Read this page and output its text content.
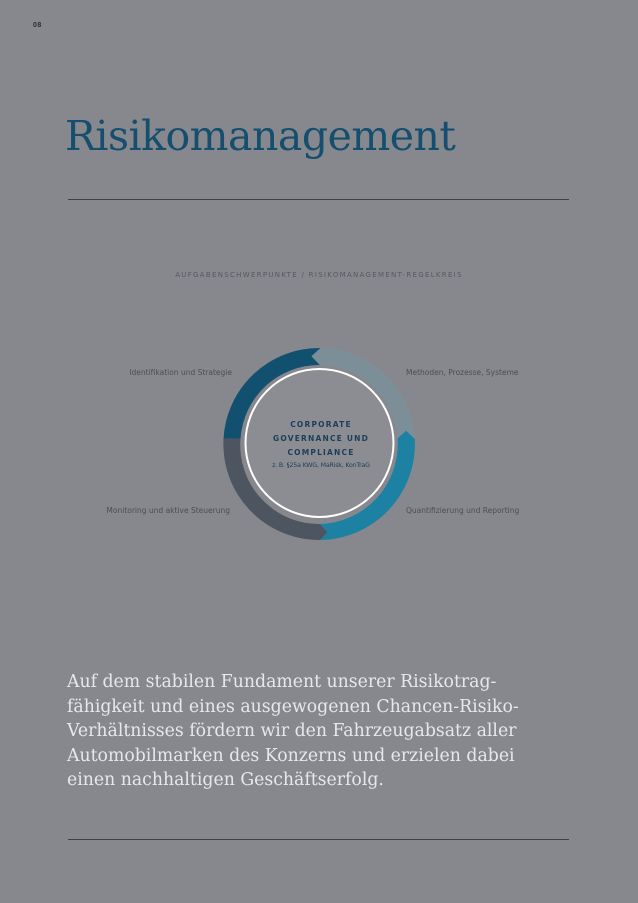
08
Risikomanagement
AUFGABENSCHWERPUNKTE / RISIKOMANAGEMENT-REGELKREIS
Identifikation und Strategie	Methoden, Prozesse, Systeme
Monitoring und aktive Steuerung	Quantifizierung und Reporting
CORPORATE
GOVERNANCE UND
COMPLIANCE
z. B. §25a KWG, MaRisk, KonTraG
Auf dem stabilen Fundament unserer Risikotrag-
fähigkeit und eines ausgewogenen Chancen-Risiko-
Verhältnisses fördern wir den Fahrzeugabsatz aller
Automobilmarken des Konzerns und erzielen dabei
einen nachhaltigen Geschäftserfolg.
